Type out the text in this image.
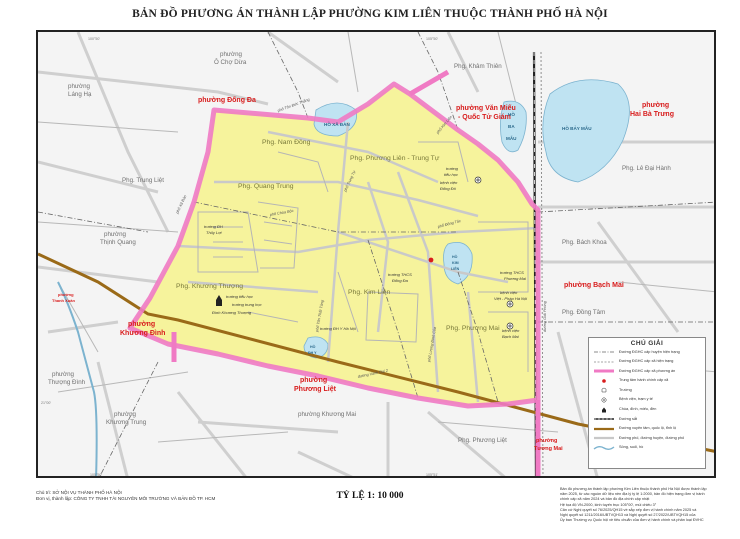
BẢN ĐỒ PHƯƠNG ÁN THÀNH LẬP PHƯỜNG KIM LIÊN THUỘC THÀNH PHỐ HÀ NỘI
phường Đống Đa
phường Văn Miếu
- Quốc Tử Giám
phường
Hai Bà Trưng
phường Bạch Mai
phường
Khương Đình
phường
Phương Liệt
phường
Tương Mai
phường
Thanh Xuân
phường
Láng Hạ
phường
Ô Chợ Dừa
Phg. Trung Liệt
phường
Thịnh Quang
Phg. Khâm Thiên
Phg. Lê Đại Hành
Phg. Bách Khoa
Phg. Đồng Tâm
phường
Thượng Đình
phường
Khương Trung
phường Khương Mai
Phg. Phương Liệt
Phg. Nam Đồng
Phg. Phương Liên - Trung Tự
Phg. Quang Trung
Phg. Khương Thượng
Phg. Kim Liên
Phg. Phương Mai
HỒ XÃ ĐÀN
HỒ
BA
MẪU
HỒ BẢY MẪU
HỒ
KIM
LIÊN
HỒ
ĐH Y
trường ĐH
Thủy Lợi
trường tiểu học
trường trung học
Đình Khương Thượng
trường ĐH Y Hà Nội
trường THCS
Đống Đa
trường THCS
Phương Mai
bệnh viện
Bạch Mai
bệnh viện
Đống Đô
bệnh viện
Việt - Pháp Hà Nội
trường
tiểu học
phố Xã Đàn
phố Tôn Đức Thắng
phố Chùa Bộc
phố Tôn Thất Tùng
phố Đông Tác
phố Lương Đình Của
đường Giải Phóng
đường Vành Đai 2
phố Kim Liên
phố Trung Tự
100°50'	105°50'
105°50'	105°51'
21°00'
CHÚ GIẢI
Đường ĐGHC cấp huyện hiện trạng
Đường ĐGHC cấp xã hiện trạng
Đường ĐGHC cấp xã phương án
Trung tâm hành chính cấp xã
Trường
Bệnh viện, trạm y tế
Chùa, đình, miếu, đền
Đường sắt
Đường xuyên tâm, quốc lộ, tỉnh lộ
Đường phố, đường huyện, đường phố
Sông, suối, hồ
TỶ LỆ 1: 10 000
Chủ trì: SỞ NỘI VỤ THÀNH PHỐ HÀ NỘI
Đơn vị, thành lập: CÔNG TY TNHH TÀI NGUYÊN MÔI TRƯỜNG VÀ BẢN ĐỒ TP. HCM
Bản đồ phương án thành lập phường Kim Liên thuộc thành phố Hà Nội được thành lập
năm 2025, từ các nguồn dữ liệu nền địa lý tỷ lệ 1:2000, bản đồ hiện trạng đơn vị hành
chính cấp xã năm 2024 và bản đồ địa chính cập nhật
Hệ tọa độ VN-2000, kinh tuyến trục 105°00', múi chiếu 3°
Căn cứ Nghị quyết số 76/2025/QH15 về sắp xếp đơn vị hành chính năm 2025 và
Nghị quyết số 1211/2016/UBTVQH13 và Nghị quyết số 27/2022/UBTVQH15 của
Ủy ban Thường vụ Quốc hội về tiêu chuẩn của đơn vị hành chính và phân loại ĐVHC
